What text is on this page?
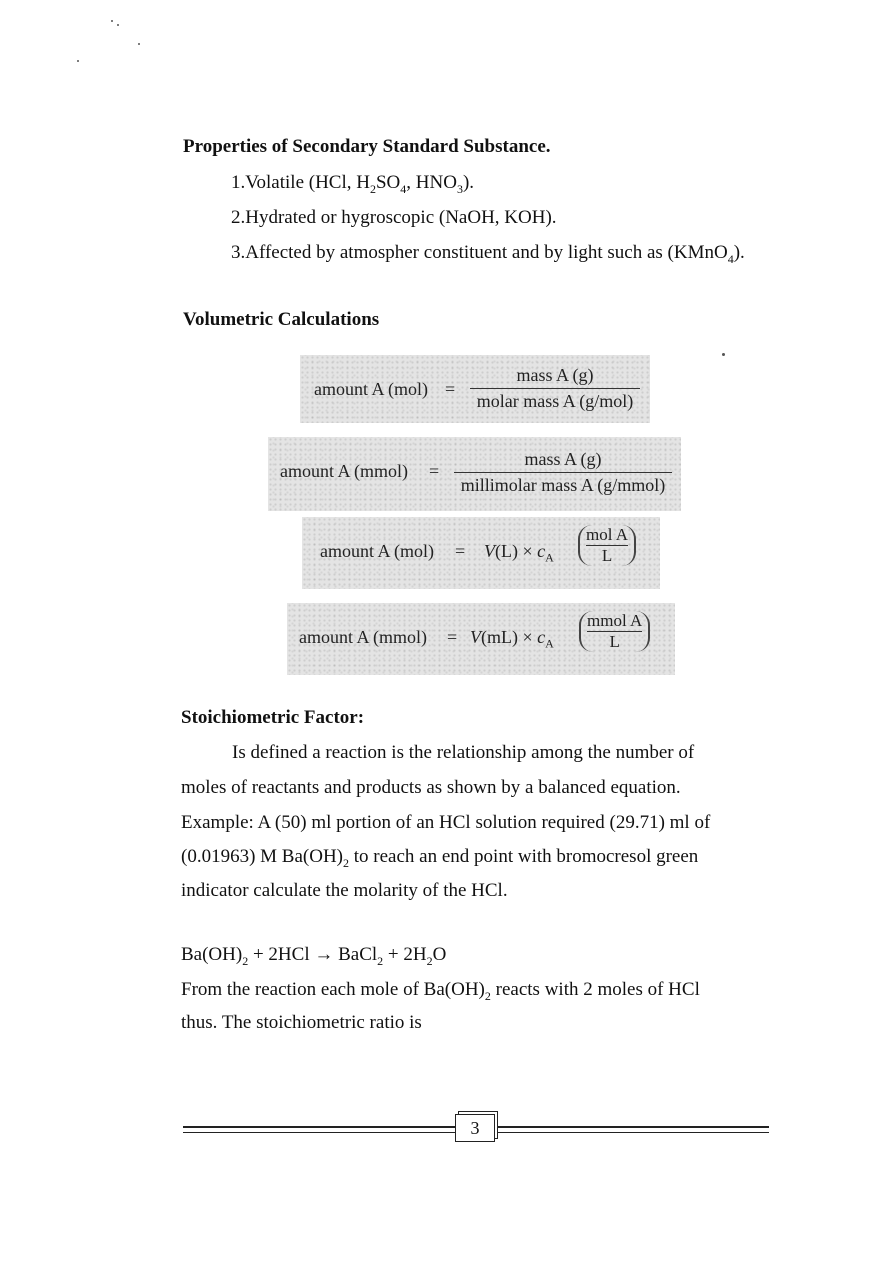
Properties of Secondary Standard Substance.
1.Volatile (HCl, $H_2SO_4$, $HNO_3$).
2.Hydrated or hygroscopic (NaOH, KOH).
3.Affected by atmospher constituent and by light such as (KMnO$_4$).
Volumetric Calculations
amount A (mol) =
mass A (g)
molar mass A (g/mol)
amount A (mmol) =
mass A (g)
millimolar mass A (g/mmol)
amount A $(mol) = V(L) \times c_A$
mol A
L
amount A (mmol) = $V(mL) \times c_A$
mmol A
L
Stoichiometric Factor:
Is defined a reaction is the relationship among the number of
moles of reactants and products as shown by a balanced equation.
Example: A (50) ml portion of an HCl solution required (29.71) ml of
(0.01963) M $Ba(OH)_2$ to reach an end point with bromocresol green
indicator calculate the molarity of the HCl.
$Ba(OH)_2 + 2HCl$ → BaCl$_2$ + $2H_2O$
From the reaction each mole of $Ba(OH)_2$ reacts with 2 moles of HCl
thus. The stoichiometric ratio is
3
